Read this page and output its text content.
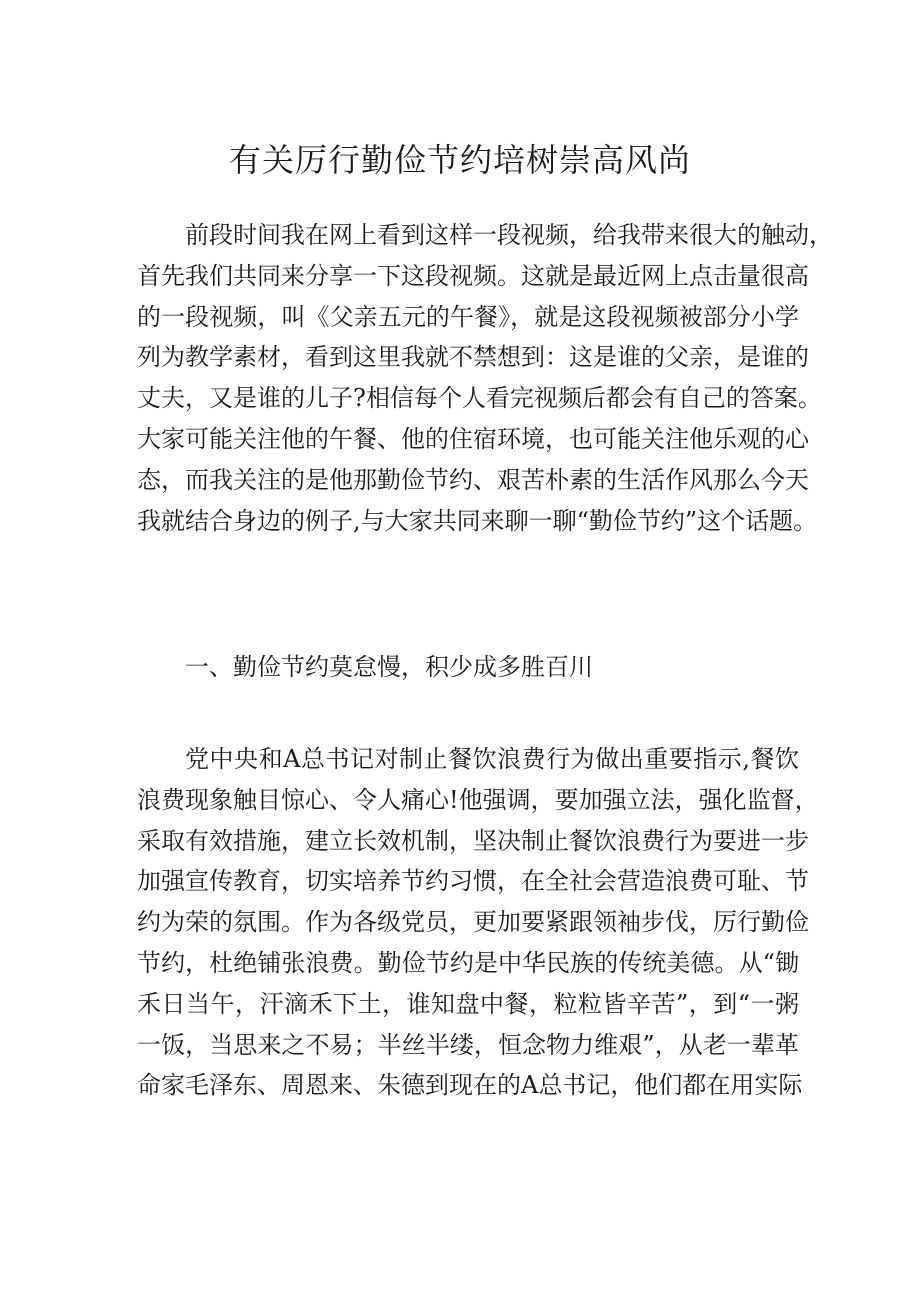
有关厉行勤俭节约培树崇高风尚
前段时间我在网上看到这样一段视频，给我带来很大的触动，
首先我们共同来分享一下这段视频。这就是最近网上点击量很高
的一段视频，叫《父亲五元的午餐》，就是这段视频被部分小学
列为教学素材，看到这里我就不禁想到：这是谁的父亲，是谁的
丈夫，又是谁的儿子?相信每个人看完视频后都会有自己的答案。
大家可能关注他的午餐、他的住宿环境，也可能关注他乐观的心
态，而我关注的是他那勤俭节约、艰苦朴素的生活作风那么今天
我就结合身边的例子,与大家共同来聊一聊“勤俭节约”这个话题。
一、勤俭节约莫怠慢，积少成多胜百川
党中央和A总书记对制止餐饮浪费行为做出重要指示,餐饮
浪费现象触目惊心、令人痛心!他强调，要加强立法，强化监督，
采取有效措施，建立长效机制，坚决制止餐饮浪费行为要进一步
加强宣传教育，切实培养节约习惯，在全社会营造浪费可耻、节
约为荣的氛围。作为各级党员，更加要紧跟领袖步伐，厉行勤俭
节约，杜绝铺张浪费。勤俭节约是中华民族的传统美德。从“锄
禾日当午，汗滴禾下土，谁知盘中餐，粒粒皆辛苦”，到“一粥
一饭，当思来之不易；半丝半缕，恒念物力维艰”，从老一辈革
命家毛泽东、周恩来、朱德到现在的A总书记，他们都在用实际
